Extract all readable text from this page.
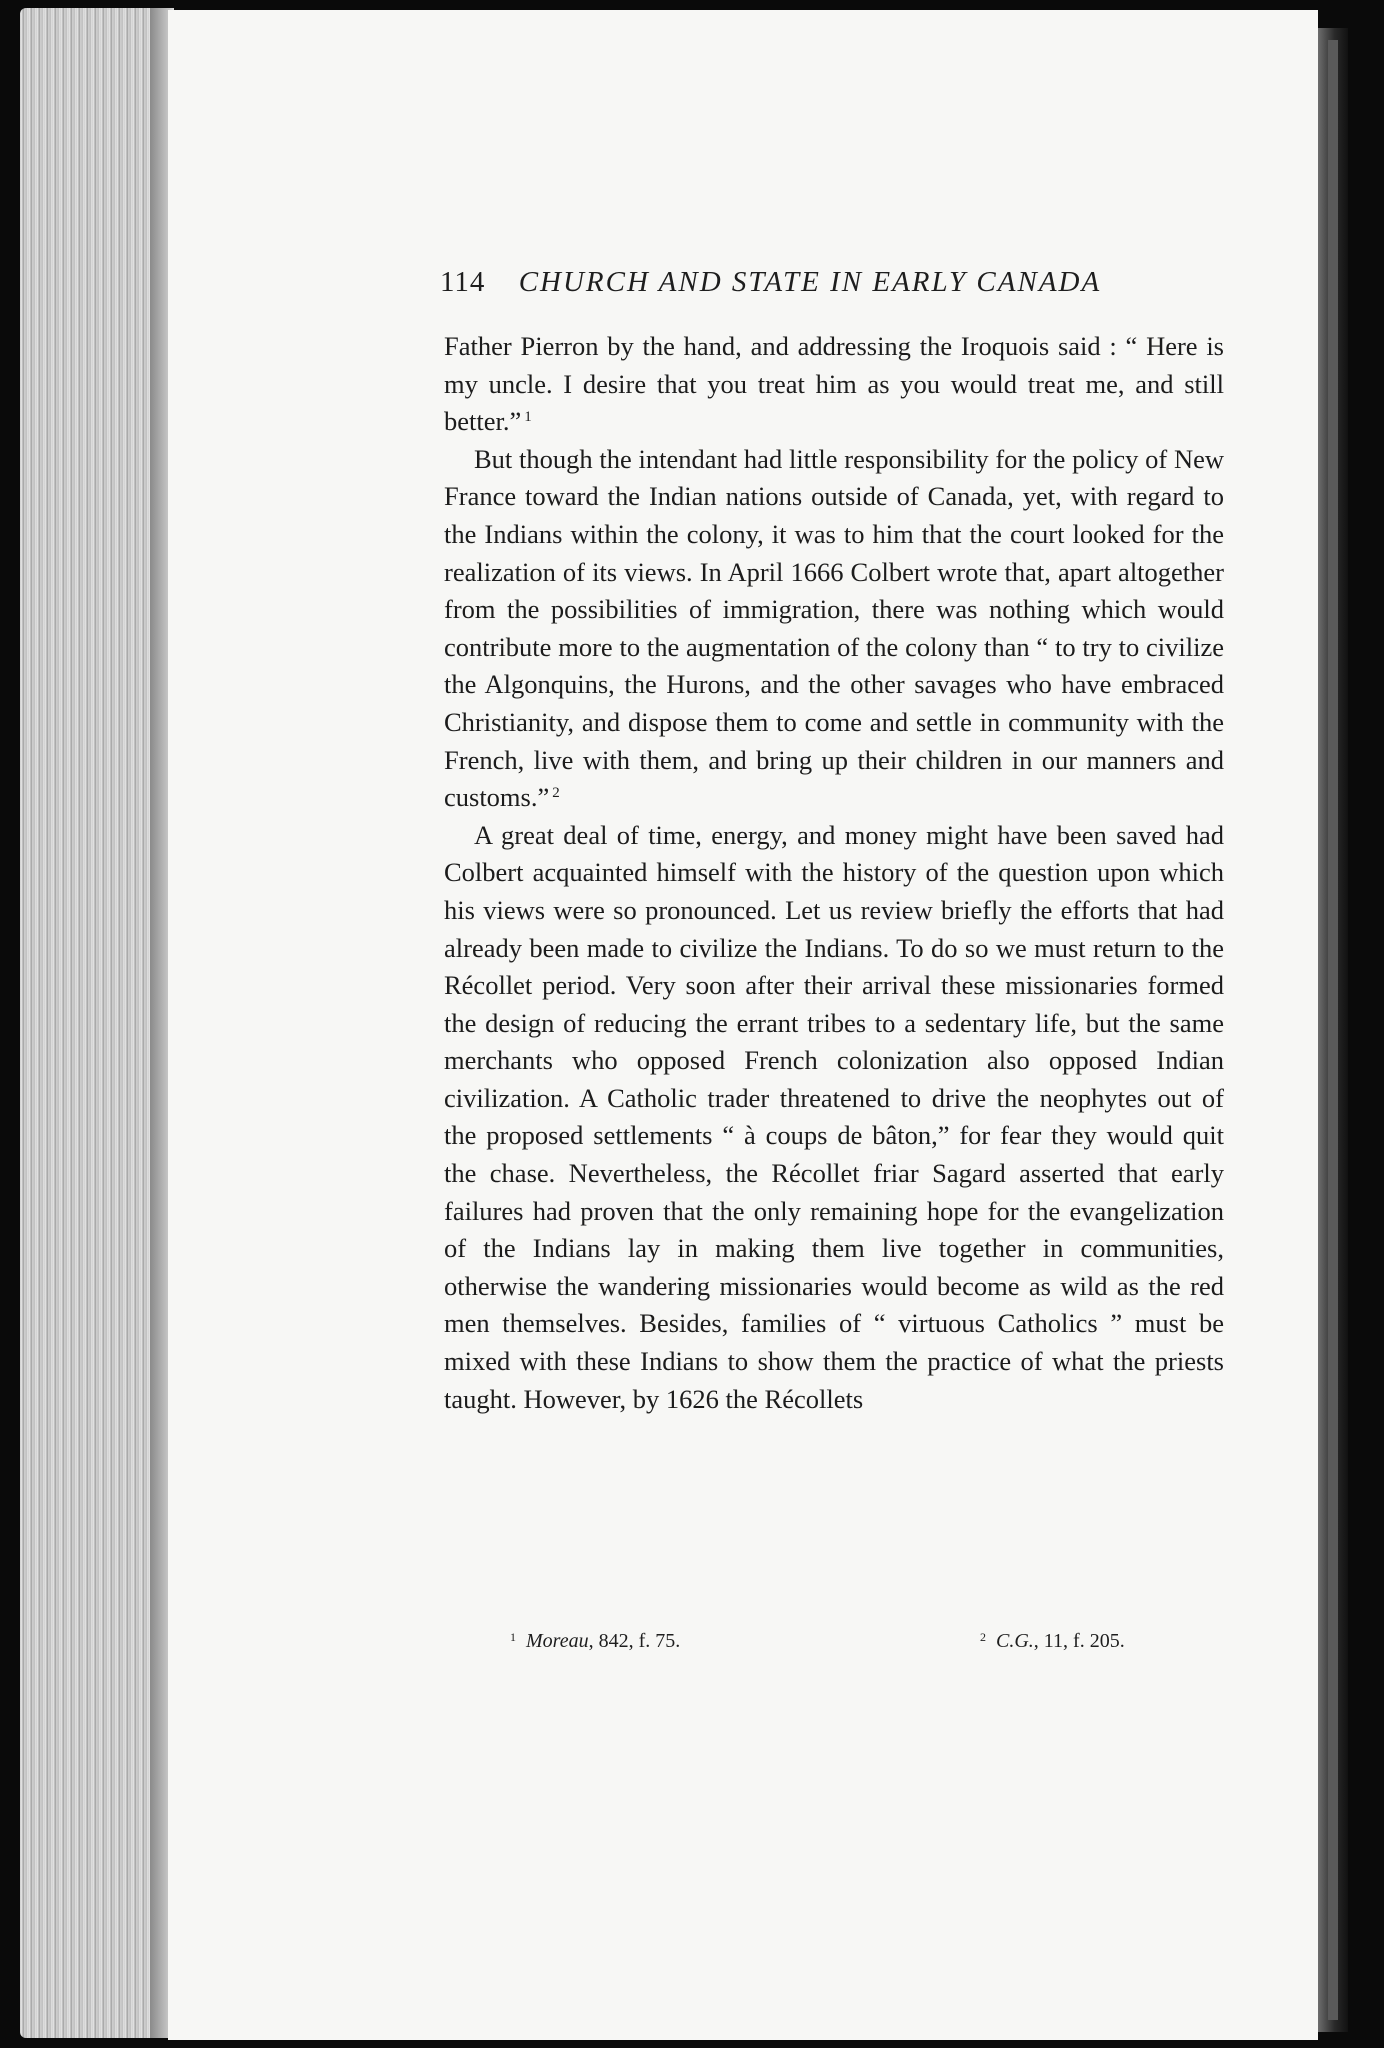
114 CHURCH AND STATE IN EARLY CANADA

Father Pierron by the hand, and addressing the Iroquois said : “ Here is my uncle. I desire that you treat him as you would treat me, and still better.” $^1$

But though the intendant had little responsibility for the policy of New France toward the Indian nations outside of Canada, yet, with regard to the Indians within the colony, it was to him that the court looked for the realization of its views. In April 1666 Colbert wrote that, apart altogether from the possibilities of immigration, there was nothing which would contribute more to the augmentation of the colony than “ to try to civilize the Algonquins, the Hurons, and the other savages who have embraced Christianity, and dispose them to come and settle in community with the French, live with them, and bring up their children in our manners and customs.” $^2$

A great deal of time, energy, and money might have been saved had Colbert acquainted himself with the history of the question upon which his views were so pronounced. Let us review briefly the efforts that had already been made to civilize the Indians. To do so we must return to the Récollet period. Very soon after their arrival these missionaries formed the design of reducing the errant tribes to a sedentary life, but the same merchants who opposed French colonization also opposed Indian civilization. A Catholic trader threatened to drive the neophytes out of the proposed settlements “ à coups de bâton,” for fear they would quit the chase. Nevertheless, the Récollet friar Sagard asserted that early failures had proven that the only remaining hope for the evangelization of the Indians lay in making them live together in communities, otherwise the wandering missionaries would become as wild as the red men themselves. Besides, families of “ virtuous Catholics ” must be mixed with these Indians to show them the practice of what the priests taught. However, by 1626 the Récollets

$^1$ Moreau, 842, f. 75.	$^2$ C.G., 11, f. 205.
